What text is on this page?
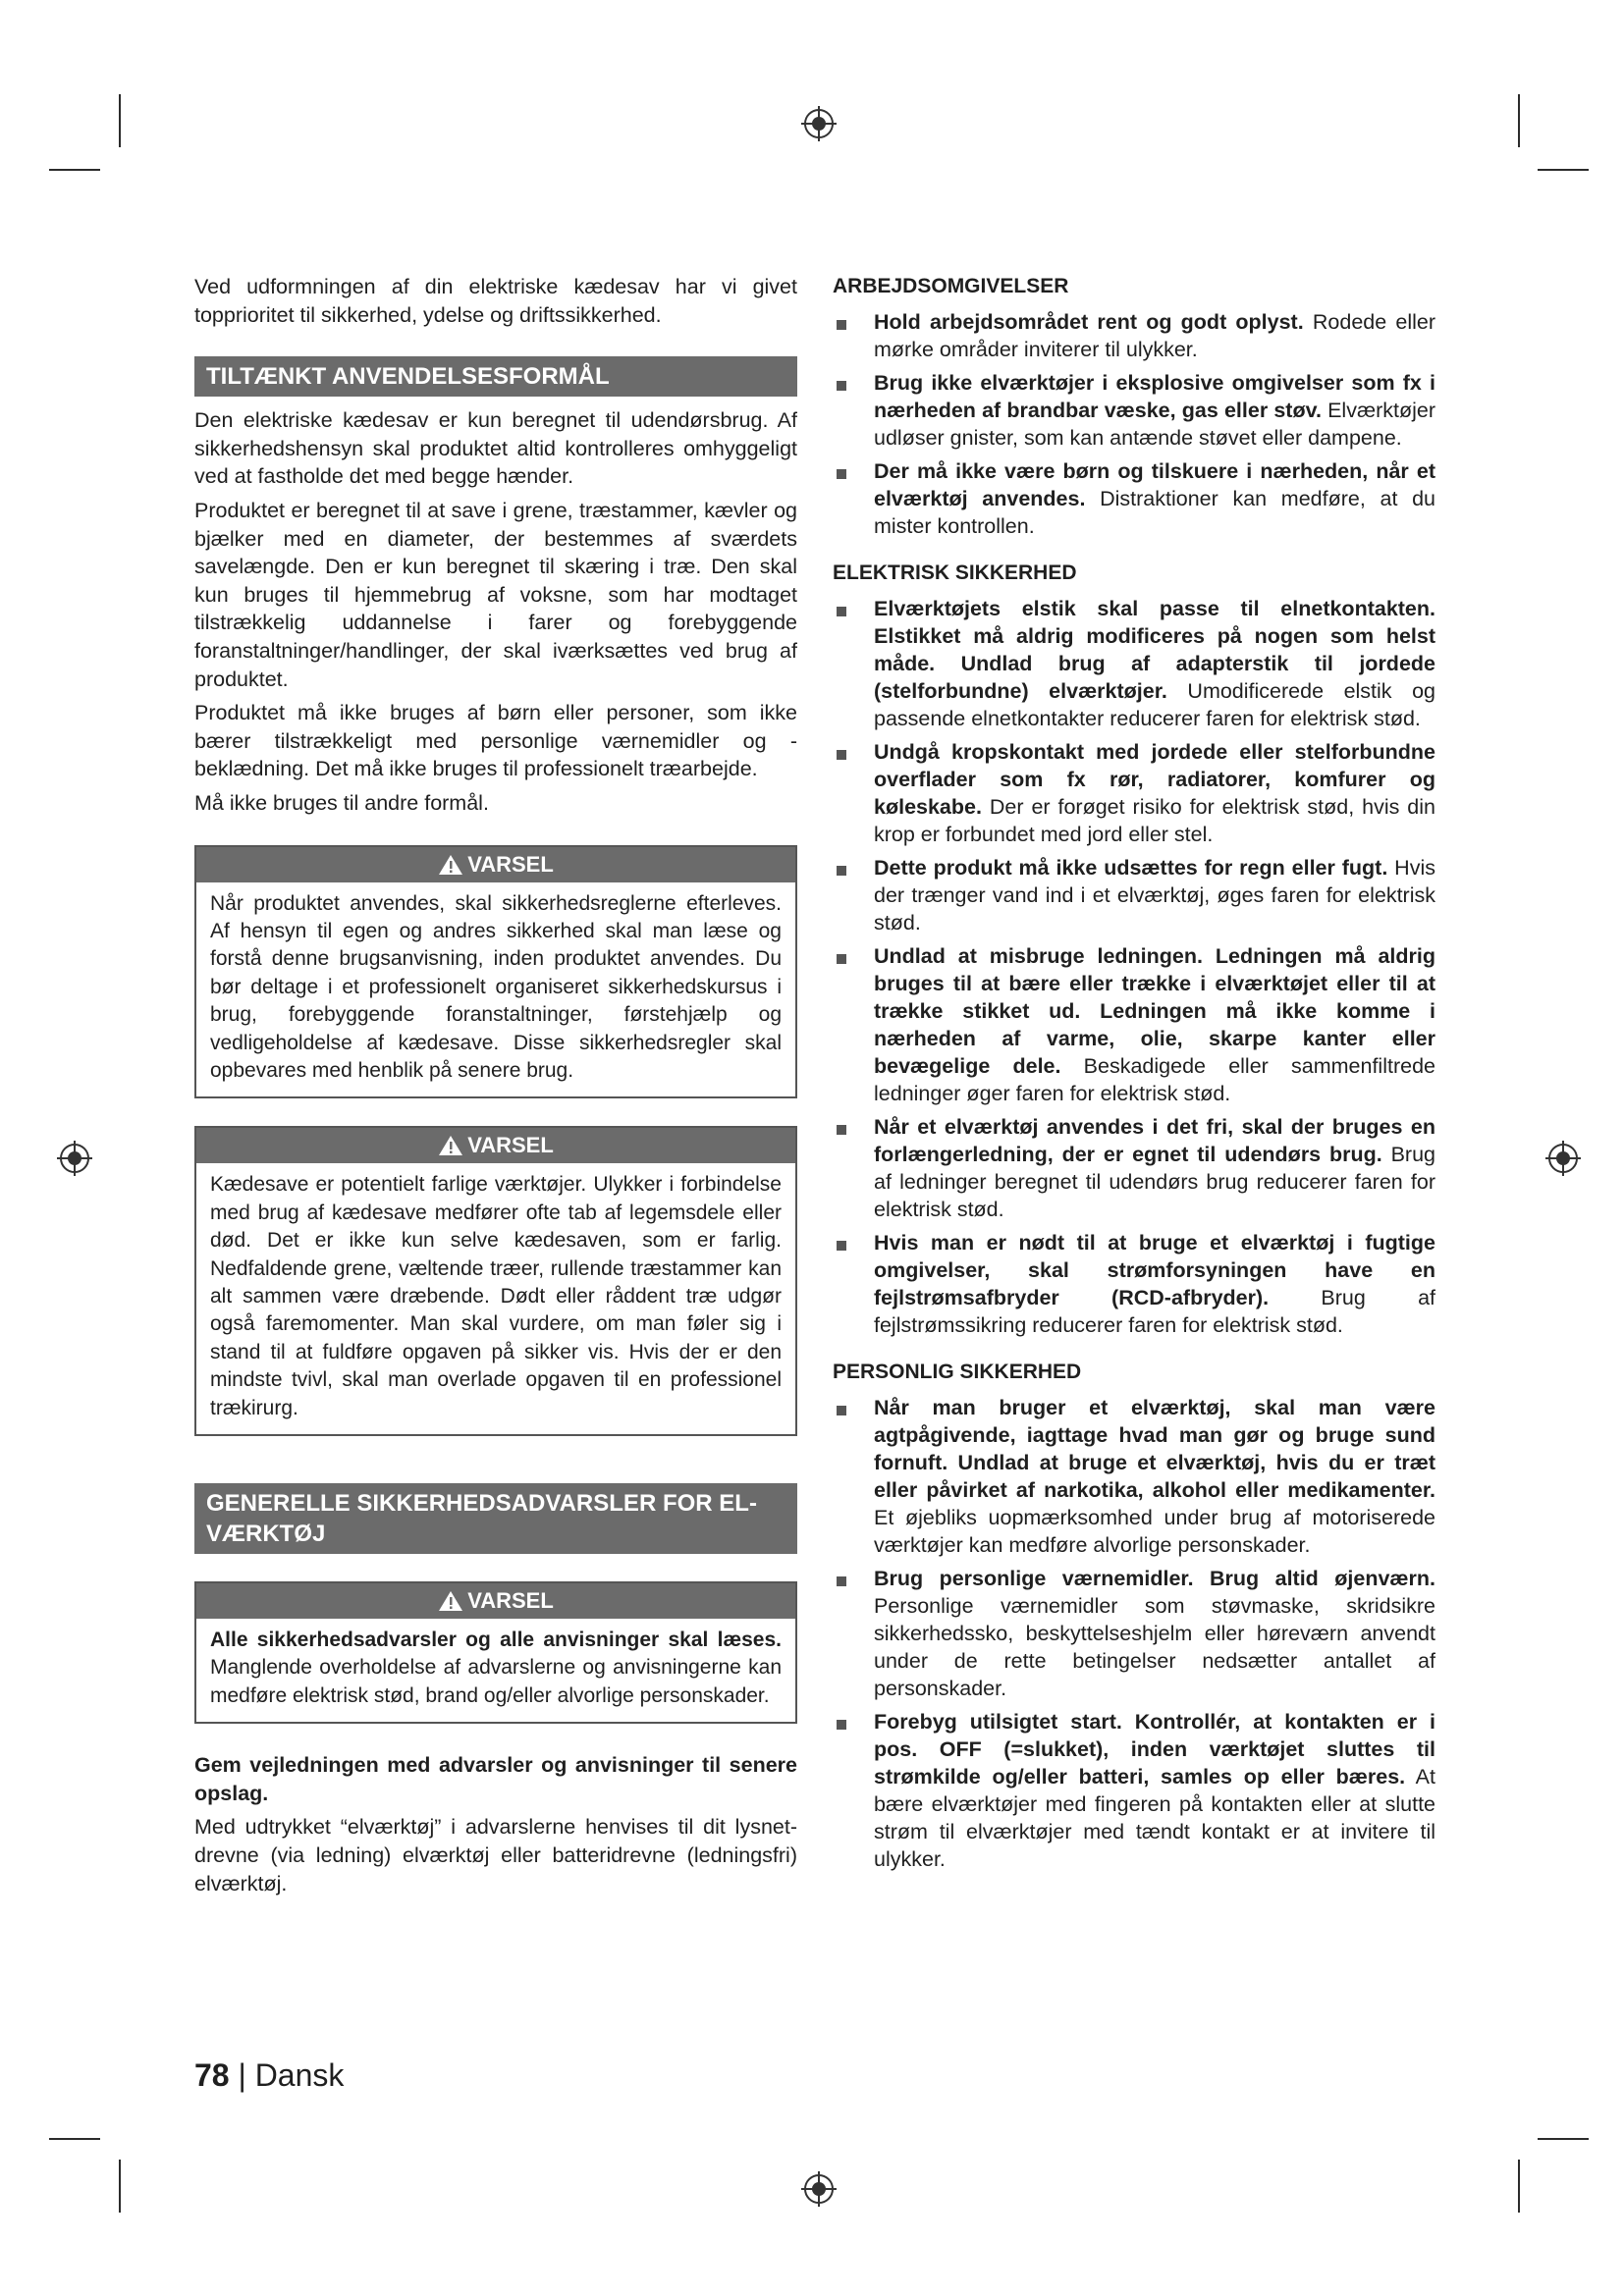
Ved udformningen af din elektriske kædesav har vi givet topprioritet til sikkerhed, ydelse og driftssikkerhed.

TILTÆNKT ANVENDELSESFORMÅL

Den elektriske kædesav er kun beregnet til udendørsbrug. Af sikkerhedshensyn skal produktet altid kontrolleres omhyggeligt ved at fastholde det med begge hænder.

Produktet er beregnet til at save i grene, træstammer, kævler og bjælker med en diameter, der bestemmes af sværdets savelængde. Den er kun beregnet til skæring i træ. Den skal kun bruges til hjemmebrug af voksne, som har modtaget tilstrækkelig uddannelse i farer og forebyggende foranstaltninger/handlinger, der skal iværksættes ved brug af produktet.

Produktet må ikke bruges af børn eller personer, som ikke bærer tilstrækkeligt med personlige værnemidler og -beklædning. Det må ikke bruges til professionelt træarbejde.

Må ikke bruges til andre formål.

VARSEL

Når produktet anvendes, skal sikkerhedsreglerne efterleves. Af hensyn til egen og andres sikkerhed skal man læse og forstå denne brugsanvisning, inden produktet anvendes. Du bør deltage i et professionelt organiseret sikkerhedskursus i brug, forebyggende foranstaltninger, førstehjælp og vedligeholdelse af kædesave. Disse sikkerhedsregler skal opbevares med henblik på senere brug.

VARSEL

Kædesave er potentielt farlige værktøjer. Ulykker i forbindelse med brug af kædesave medfører ofte tab af legemsdele eller død. Det er ikke kun selve kædesaven, som er farlig. Nedfaldende grene, væltende træer, rullende træstammer kan alt sammen være dræbende. Dødt eller råddent træ udgør også faremomenter. Man skal vurdere, om man føler sig i stand til at fuldføre opgaven på sikker vis. Hvis der er den mindste tvivl, skal man overlade opgaven til en professionel trækirurg.

GENERELLE SIKKERHEDSADVARSLER FOR EL-VÆRKTØJ
VARSEL

Alle sikkerhedsadvarsler og alle anvisninger skal læses. Manglende overholdelse af advarslerne og anvisningerne kan medføre elektrisk stød, brand og/eller alvorlige personskader.

Gem vejledningen med advarsler og anvisninger til senere opslag.

Med udtrykket “elværktøj” i advarslerne henvises til dit lysnet-drevne (via ledning) elværktøj eller batteridrevne (ledningsfri) elværktøj.

ARBEJDSOMGIVELSER
Hold arbejdsområdet rent og godt oplyst. Rodede eller mørke områder inviterer til ulykker.
Brug ikke elværktøjer i eksplosive omgivelser som fx i nærheden af brandbar væske, gas eller støv. Elværktøjer udløser gnister, som kan antænde støvet eller dampene.
Der må ikke være børn og tilskuere i nærheden, når et elværktøj anvendes. Distraktioner kan medføre, at du mister kontrollen.
ELEKTRISK SIKKERHED
Elværktøjets elstik skal passe til elnetkontakten. Elstikket må aldrig modificeres på nogen som helst måde. Undlad brug af adapterstik til jordede (stelforbundne) elværktøjer. Umodificerede elstik og passende elnetkontakter reducerer faren for elektrisk stød.
Undgå kropskontakt med jordede eller stelforbundne overflader som fx rør, radiatorer, komfurer og køleskabe. Der er forøget risiko for elektrisk stød, hvis din krop er forbundet med jord eller stel.
Dette produkt må ikke udsættes for regn eller fugt. Hvis der trænger vand ind i et elværktøj, øges faren for elektrisk stød.
Undlad at misbruge ledningen. Ledningen må aldrig bruges til at bære eller trække i elværktøjet eller til at trække stikket ud. Ledningen må ikke komme i nærheden af varme, olie, skarpe kanter eller bevægelige dele. Beskadigede eller sammenfiltrede ledninger øger faren for elektrisk stød.
Når et elværktøj anvendes i det fri, skal der bruges en forlængerledning, der er egnet til udendørs brug. Brug af ledninger beregnet til udendørs brug reducerer faren for elektrisk stød.
Hvis man er nødt til at bruge et elværktøj i fugtige omgivelser, skal strømforsyningen have en fejlstrømsafbryder (RCD-afbryder). Brug af fejlstrømssikring reducerer faren for elektrisk stød.
PERSONLIG SIKKERHED
Når man bruger et elværktøj, skal man være agtpågivende, iagttage hvad man gør og bruge sund fornuft. Undlad at bruge et elværktøj, hvis du er træt eller påvirket af narkotika, alkohol eller medikamenter. Et øjebliks uopmærksomhed under brug af motoriserede værktøjer kan medføre alvorlige personskader.
Brug personlige værnemidler. Brug altid øjenværn. Personlige værnemidler som støvmaske, skridsikre sikkerhedssko, beskyttelseshjelm eller høreværn anvendt under de rette betingelser nedsætter antallet af personskader.
Forebyg utilsigtet start. Kontrollér, at kontakten er i pos. OFF (=slukket), inden værktøjet sluttes til strømkilde og/eller batteri, samles op eller bæres. At bære elværktøjer med fingeren på kontakten eller at slutte strøm til elværktøjer med tændt kontakt er at invitere til ulykker.
78 | Dansk
